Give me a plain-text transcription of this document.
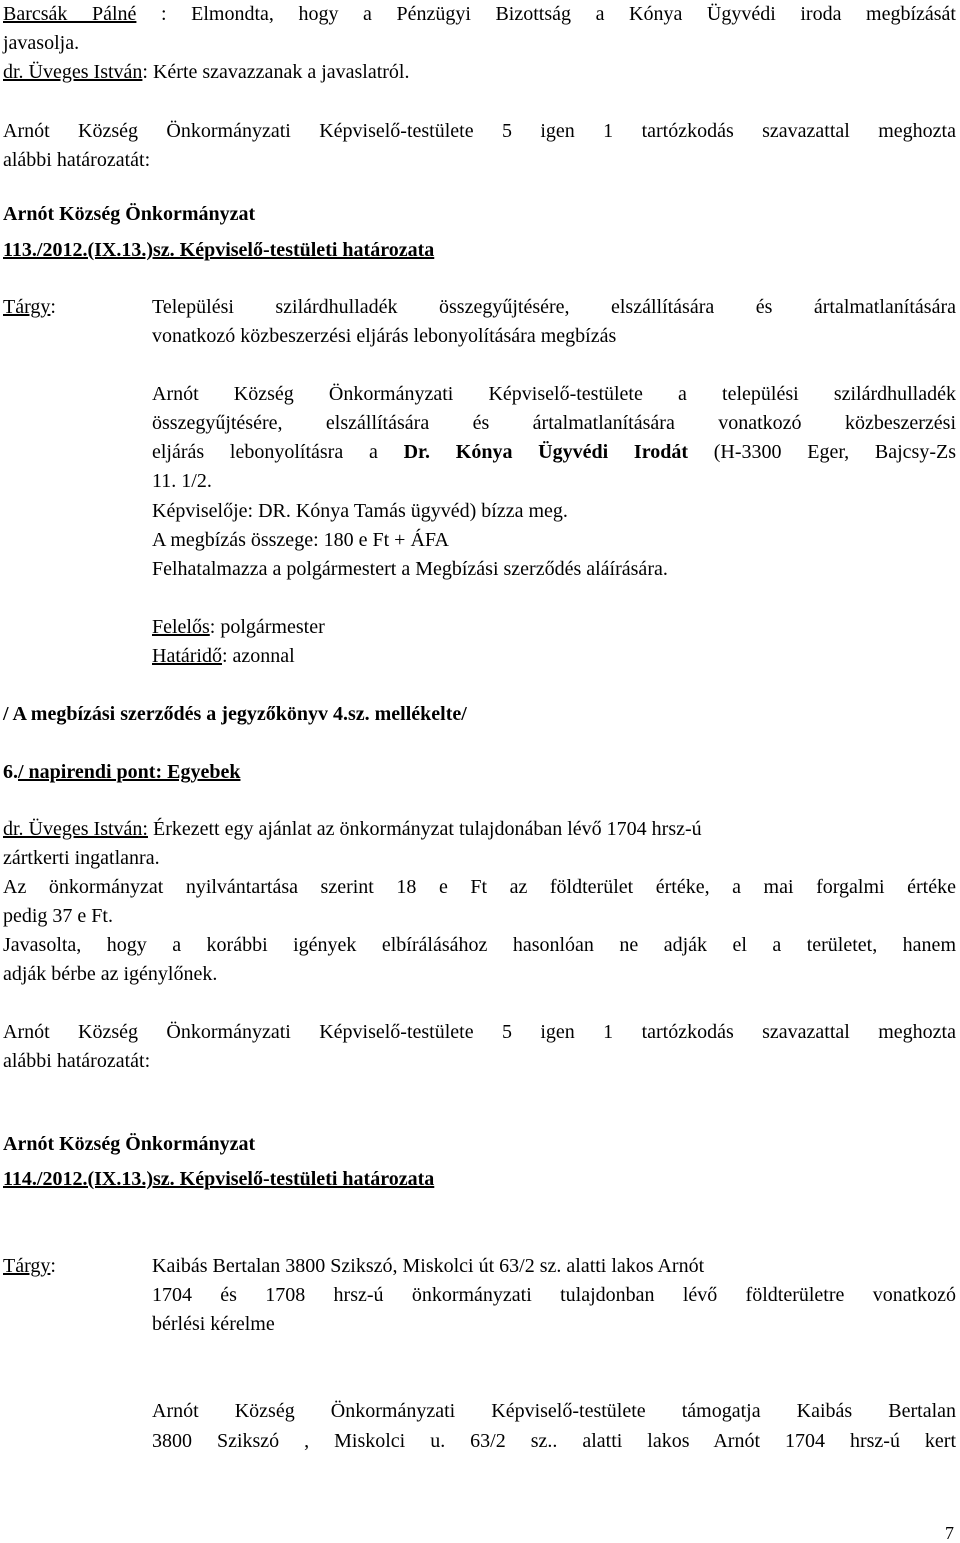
Barcsák Pálné : Elmondta, hogy a Pénzügyi Bizottság a Kónya Ügyvédi iroda megbízását
javasolja.
dr. Üveges István: Kérte szavazzanak a javaslatról.
Arnót Község Önkormányzati Képviselő-testülete 5 igen 1 tartózkodás szavazattal meghozta
alábbi határozatát:
Arnót Község Önkormányzat
113./2012.(IX.13.)sz. Képviselő-testületi határozata
Tárgy:	Települési szilárdhulladék összegyűjtésére, elszállítására és ártalmatlanítására
vonatkozó közbeszerzési eljárás lebonyolítására megbízás
Arnót Község Önkormányzati Képviselő-testülete a települési szilárdhulladék
összegyűjtésére, elszállítására és ártalmatlanítására vonatkozó közbeszerzési
eljárás lebonyolításra a Dr. Kónya Ügyvédi Irodát (H-3300 Eger, Bajcsy-Zs
11. 1/2.
Képviselője: DR. Kónya Tamás ügyvéd) bízza meg.
A megbízás összege: 180 e Ft + ÁFA
Felhatalmazza a polgármestert a Megbízási szerződés aláírására.
Felelős: polgármester
Határidő: azonnal
/ A megbízási szerződés a jegyzőkönyv 4.sz. mellékelte/
6./ napirendi pont: Egyebek
dr. Üveges István: Érkezett egy ajánlat az önkormányzat tulajdonában lévő 1704 hrsz-ú
zártkerti ingatlanra.
Az önkormányzat nyilvántartása szerint 18 e Ft az földterület értéke, a mai forgalmi értéke
pedig 37 e Ft.
Javasolta, hogy a korábbi igények elbírálásához hasonlóan ne adják el a területet, hanem
adják bérbe az igénylőnek.
Arnót Község Önkormányzati Képviselő-testülete 5 igen 1 tartózkodás szavazattal meghozta
alábbi határozatát:
Arnót Község Önkormányzat
114./2012.(IX.13.)sz. Képviselő-testületi határozata
Tárgy:	Kaibás Bertalan 3800 Szikszó, Miskolci út 63/2 sz. alatti lakos Arnót
1704 és 1708 hrsz-ú önkormányzati tulajdonban lévő földterületre vonatkozó
bérlési kérelme
Arnót Község Önkormányzati Képviselő-testülete támogatja Kaibás Bertalan
3800 Szikszó , Miskolci u. 63/2 sz.. alatti lakos Arnót 1704 hrsz-ú kert
7
